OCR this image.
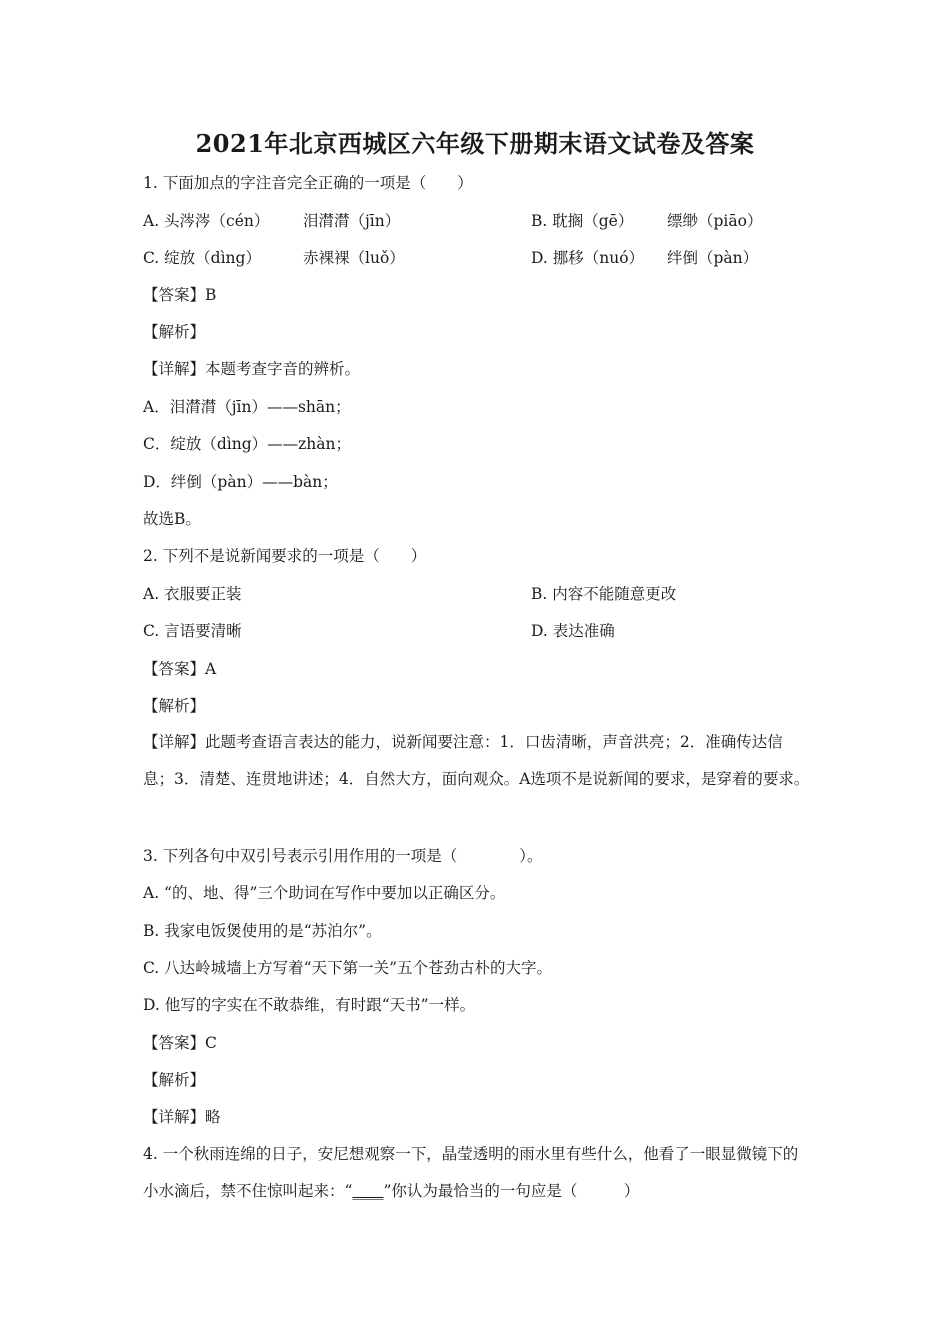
2021年北京西城区六年级下册期末语文试卷及答案
1. 下面加点的字注音完全正确的一项是（　　）
A. 头涔涔（cén） 泪潸潸（jīn）	B. 耽搁（gē） 缥缈（piāo）
C. 绽放（dìng）	赤裸裸（luǒ）	D. 挪移（nuó） 绊倒（pàn）
【答案】B
【解析】
【详解】本题考查字音的辨析。
A．泪潸潸（jīn）——shān；
C．绽放（dìng）——zhàn；
D．绊倒（pàn）——bàn；
故选B。
2. 下列不是说新闻要求的一项是（　　）
A. 衣服要正装	B. 内容不能随意更改
C. 言语要清晰	D. 表达准确
【答案】A
【解析】
【详解】此题考查语言表达的能力，说新闻要注意：1．口齿清晰，声音洪亮；2．准确传达信息；3．清楚、连贯地讲述；4．自然大方，面向观众。A选项不是说新闻的要求，是穿着的要求。
3. 下列各句中双引号表示引用作用的一项是（　　　　）。
A. “的、地、得”三个助词在写作中要加以正确区分。
B. 我家电饭煲使用的是“苏泊尔”。
C. 八达岭城墙上方写着“天下第一关”五个苍劲古朴的大字。
D. 他写的字实在不敢恭维，有时跟“天书”一样。
【答案】C
【解析】
【详解】略
4. 一个秋雨连绵的日子，安尼想观察一下，晶莹透明的雨水里有些什么，他看了一眼显微镜下的小水滴后，禁不住惊叫起来：“____”你认为最恰当的一句应是（　　　）
